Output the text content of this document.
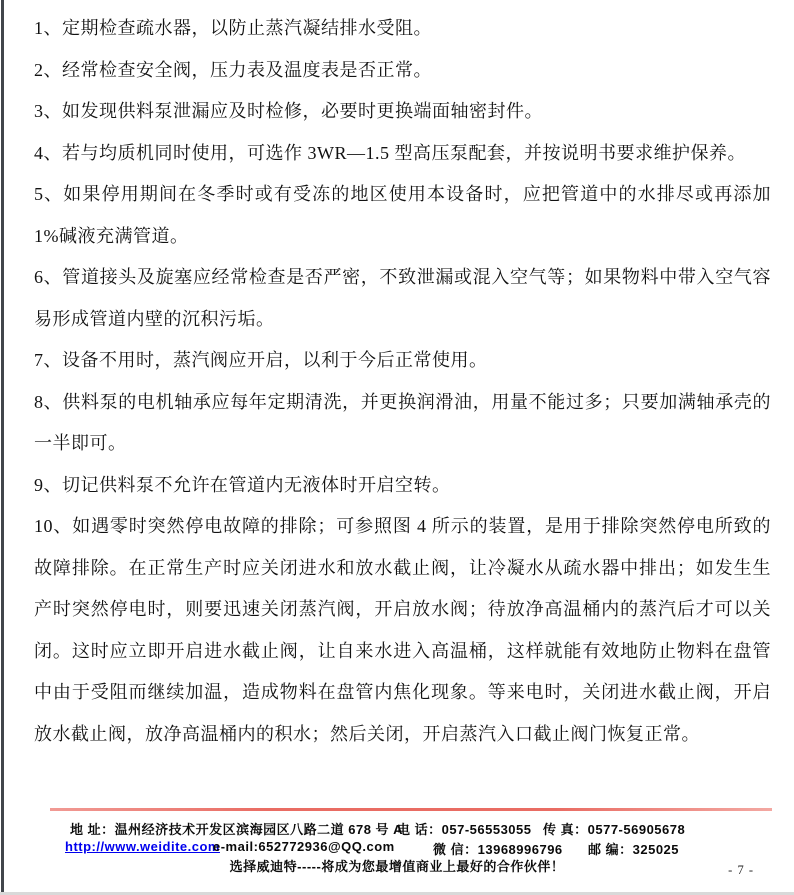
1、定期检查疏水器，以防止蒸汽凝结排水受阻。

2、经常检查安全阀，压力表及温度表是否正常。

3、如发现供料泵泄漏应及时检修，必要时更换端面轴密封件。

4、若与均质机同时使用，可选作 3WR—1.5 型高压泵配套，并按说明书要求维护保养。

5、如果停用期间在冬季时或有受冻的地区使用本设备时，应把管道中的水排尽或再添加 1%碱液充满管道。

6、管道接头及旋塞应经常检查是否严密，不致泄漏或混入空气等；如果物料中带入空气容易形成管道内壁的沉积污垢。

7、设备不用时，蒸汽阀应开启，以利于今后正常使用。

8、供料泵的电机轴承应每年定期清洗，并更换润滑油，用量不能过多；只要加满轴承壳的一半即可。

9、切记供料泵不允许在管道内无液体时开启空转。

10、如遇零时突然停电故障的排除；可参照图 4 所示的装置，是用于排除突然停电所致的故障排除。在正常生产时应关闭进水和放水截止阀，让冷凝水从疏水器中排出；如发生生产时突然停电时，则要迅速关闭蒸汽阀，开启放水阀；待放净高温桶内的蒸汽后才可以关闭。这时应立即开启进水截止阀，让自来水进入高温桶，这样就能有效地防止物料在盘管中由于受阻而继续加温，造成物料在盘管内焦化现象。等来电时，关闭进水截止阀，开启放水截止阀，放净高温桶内的积水；然后关闭，开启蒸汽入口截止阀门恢复正常。

地 址：温州经济技术开发区滨海园区八路二道 678 号 A
电 话：057-56553055 传 真：0577-56905678
http://www.weidite.com
e-mail:652772936@QQ.com	微 信：13968996796 邮 编：325025
选择威迪特-----将成为您最增值商业上最好的合作伙伴！	- 7 -
